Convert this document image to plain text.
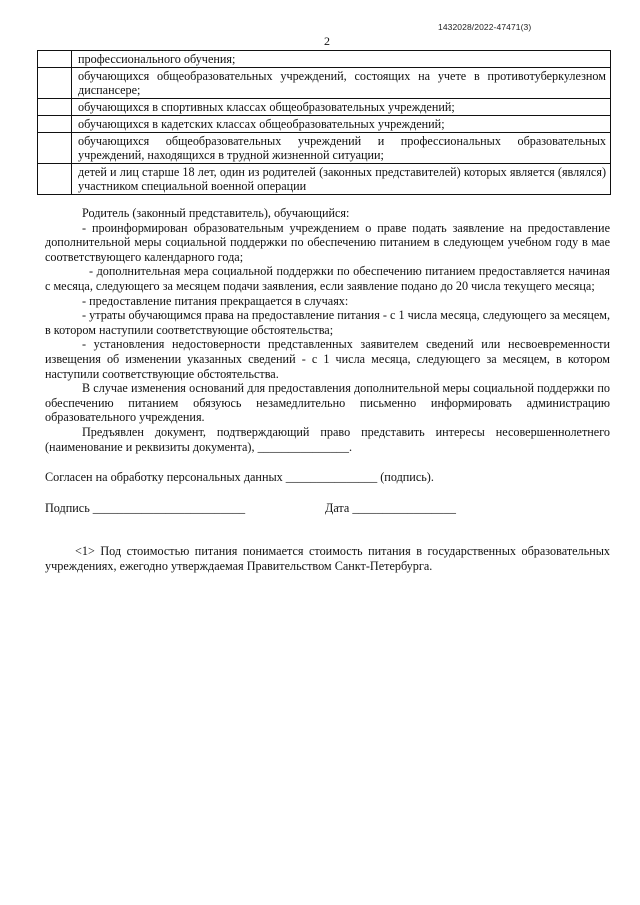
1432028/2022-47471(3)
2
	профессионального обучения;
	обучающихся общеобразовательных учреждений, состоящих на учете в противотуберкулезном диспансере;
	обучающихся в спортивных классах общеобразовательных учреждений;
	обучающихся в кадетских классах общеобразовательных учреждений;
	обучающихся общеобразовательных учреждений и профессиональных образовательных учреждений, находящихся в трудной жизненной ситуации;
	детей и лиц старше 18 лет, один из родителей (законных представителей) которых является (являлся) участником специальной военной операции

Родитель (законный представитель), обучающийся:

- проинформирован образовательным учреждением о праве подать заявление на предоставление дополнительной меры социальной поддержки по обеспечению питанием в следующем учебном году в мае соответствующего календарного года;

- дополнительная мера социальной поддержки по обеспечению питанием предоставляется начиная с месяца, следующего за месяцем подачи заявления, если заявление подано до 20 числа текущего месяца;

- предоставление питания прекращается в случаях:

- утраты обучающимся права на предоставление питания - с 1 числа месяца, следующего за месяцем, в котором наступили соответствующие обстоятельства;

- установления недостоверности представленных заявителем сведений или несвоевременности извещения об изменении указанных сведений - с 1 числа месяца, следующего за месяцем, в котором наступили соответствующие обстоятельства.

В случае изменения оснований для предоставления дополнительной меры социальной поддержки по обеспечению питанием обязуюсь незамедлительно письменно информировать администрацию образовательного учреждения.

Предъявлен документ, подтверждающий право представить интересы несовершеннолетнего (наименование и реквизиты документа), _______________.

Согласен на обработку персональных данных _______________ (подпись).

Подпись _________________________	Дата _________________

<1> Под стоимостью питания понимается стоимость питания в государственных образовательных учреждениях, ежегодно утверждаемая Правительством Санкт-Петербурга.
